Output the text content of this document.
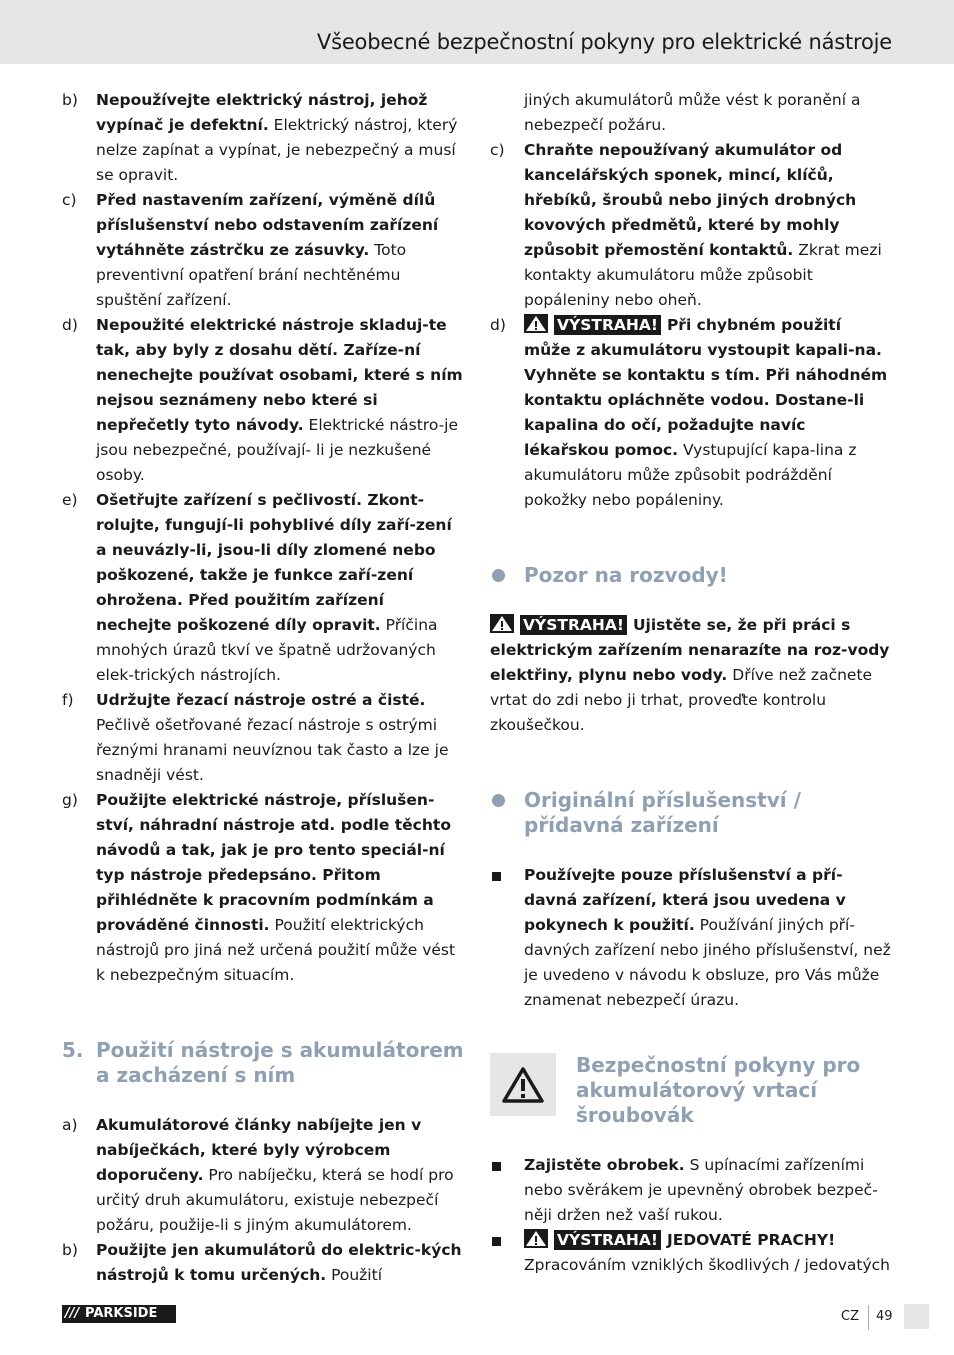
Všeobecné bezpečnostní pokyny pro elektrické nástroje
b) Nepoužívejte elektrický nástroj, jehož vypínač je defektní. Elektrický nástroj, který nelze zapínat a vypínat, je nebezpečný a musí se opravit.
c) Před nastavením zařízení, výměně dílů příslušenství nebo odstavením zařízení vytáhněte zástrčku ze zásuvky. Toto preventivní opatření brání nechtěnému spuštění zařízení.
d) Nepoužité elektrické nástroje skladuj-te tak, aby byly z dosahu dětí. Zaříze-ní nenechejte používat osobami, které s ním nejsou seznámeny nebo které si nepřečetly tyto návody. Elektrické nástro-je jsou nebezpečné, používají- li je nezkušené osoby.
e) Ošetřujte zařízení s pečlivostí. Zkont-rolujte, fungují-li pohyblivé díly zaří-zení a neuvázly-li, jsou-li díly zlomené nebo poškozené, takže je funkce zaří-zení ohrožena. Před použitím zařízení nechejte poškozené díly opravit. Příčina mnohých úrazů tkví ve špatně udržovaných elek-trických nástrojích.
f) Udržujte řezací nástroje ostré a čisté. Pečlivě ošetřované řezací nástroje s ostrými řeznými hranami neuvíznou tak často a lze je snadněji vést.
g) Použijte elektrické nástroje, příslušen-ství, náhradní nástroje atd. podle těchto návodů a tak, jak je pro tento speciál-ní typ nástroje předepsáno. Přitom přihlédněte k pracovním podmínkám a prováděné činnosti. Použití elektrických nástrojů pro jiná než určená použití může vést k nebezpečným situacím.
5. Použití nástroje s akumulátorem a zacházení s ním
a) Akumulátorové články nabíjejte jen v nabíječkách, které byly výrobcem doporučeny. Pro nabíječku, která se hodí pro určitý druh akumulátoru, existuje nebezpečí požáru, použije-li s jiným akumulátorem.
b) Použijte jen akumulátorů do elektric-kých nástrojů k tomu určených. Použití
jiných akumulátorů může vést k poranění a nebezpečí požáru.
c) Chraňte nepoužívaný akumulátor od kancelářských sponek, mincí, klíčů, hřebíků, šroubů nebo jiných drobných kovových předmětů, které by mohly způsobit přemostění kontaktů. Zkrat mezi kontakty akumulátoru může způsobit popáleniny nebo oheň.
d)	VÝSTRAHA! Při chybném použití může z akumulátoru vystoupit kapali-na. Vyhněte se kontaktu s tím. Při náhodném kontaktu opláchněte vodou. Dostane-li kapalina do očí, požadujte navíc lékařskou pomoc. Vystupující kapa-lina z akumulátoru může způsobit podráždění pokožky nebo popáleniny.
Pozor na rozvody!
VÝSTRAHA! Ujistěte se, že při práci s elektrickým zařízením nenarazíte na roz-vody elektřiny, plynu nebo vody. Dříve než začnete vrtat do zdi nebo ji trhat, proveďte kontrolu zkoušečkou.
Originální příslušenství / přídavná zařízení
Používejte pouze příslušenství a pří-davná zařízení, která jsou uvedena v pokynech k použití. Používání jiných pří-davných zařízení nebo jiného příslušenství, než je uvedeno v návodu k obsluze, pro Vás může znamenat nebezpečí úrazu.
Bezpečnostní pokyny pro akumulátorový vrtací šroubovák
Zajistěte obrobek. S upínacími zařízeními nebo svěrákem je upevněný obrobek bezpeč-něji držen než vaší rukou.
VÝSTRAHA! JEDOVATÉ PRACHY!
Zpracováním vzniklých škodlivých / jedovatých
/// PARKSIDE	CZ 49
